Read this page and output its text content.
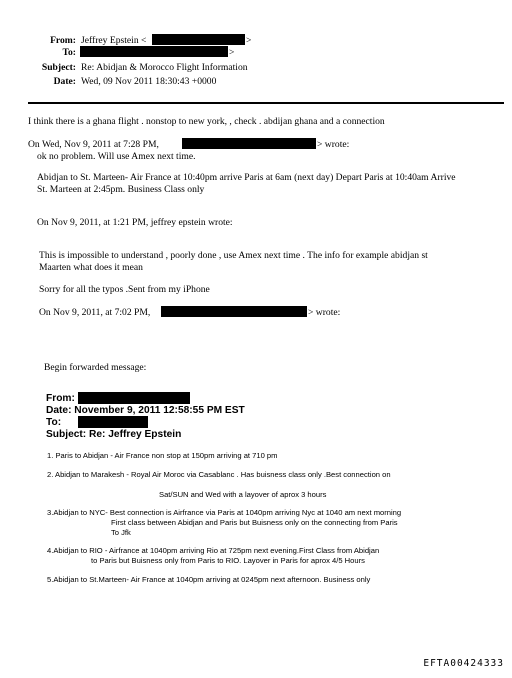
From: Jeffrey Epstein <	>
To:	>
Subject: Re: Abidjan & Morocco Flight Information
Date: Wed, 09 Nov 2011 18:30:43 +0000
I think there is a ghana flight . nonstop to new york, , check . abdijan ghana and a connection
On Wed, Nov 9, 2011 at 7:28 PM,	> wrote:
ok no problem. Will use Amex next time.
Abidjan to St. Marteen- Air France at 10:40pm arrive Paris at 6am (next day) Depart Paris at 10:40am Arrive
St. Marteen at 2:45pm. Business Class only
On Nov 9, 2011, at 1:21 PM, jeffrey epstein wrote:
This is impossible to understand , poorly done , use Amex next time . The info for example abidjan st
Maarten what does it mean
Sorry for all the typos .Sent from my iPhone
On Nov 9, 2011, at 7:02 PM,	> wrote:
Begin forwarded message:
From:
Date: November 9, 2011 12:58:55 PM EST
To:
Subject: Re: Jeffrey Epstein
1. Paris to Abidjan - Air France non stop at 150pm arriving at 710 pm
2. Abidjan to Marakesh - Royal Air Moroc via Casablanc . Has buisness class only .Best connection on
Sat/SUN and Wed with a layover of aprox 3 hours
3.Abidjan to NYC- Best connection is Airfrance via Paris at 1040pm arriving Nyc at 1040 am next morning
First class between Abidjan and Paris but Buisness only on the connecting from Paris
To Jfk
4.Abidjan to RIO - Airfrance at 1040pm arriving Rio at 725pm next evening.First Class from Abidjan
to Paris but Buisness only from Paris to RIO. Layover in Paris for aprox 4/5 Hours
5.Abidjan to St.Marteen- Air France at 1040pm arriving at 0245pm next afternoon. Business only
EFTA00424333
